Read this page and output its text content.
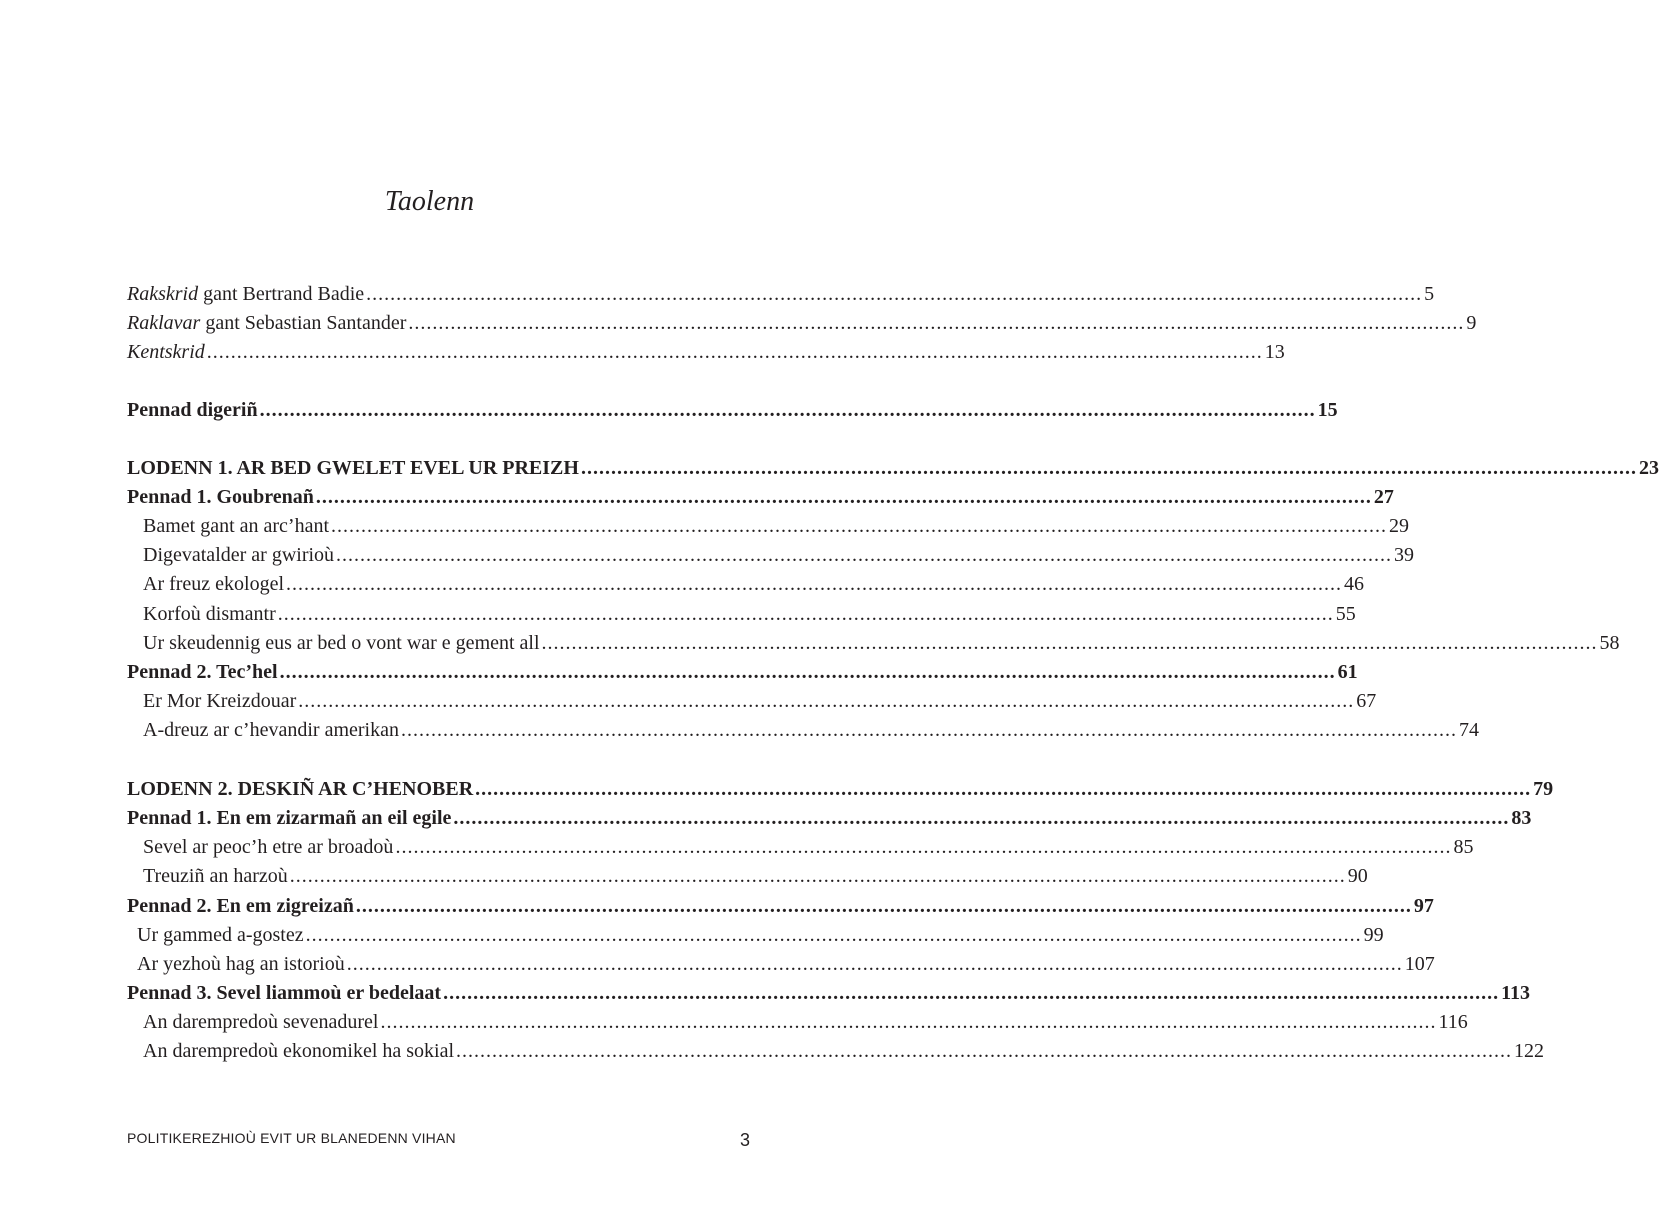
Taolenn
Rakskrid gant Bertrand Badie ................................................................................................................................................................................ 5
Raklavar gant Sebastian Santander ................................................................................................................................................................................ 9
Kentskrid ................................................................................................................................................................................ 13
Pennad digeriñ ................................................................................................................................................................................ 15
LODENN 1. AR BED GWELET EVEL UR PREIZH ................................................................................................................................................................................ 23
Pennad 1. Goubrenañ ................................................................................................................................................................................ 27
Bamet gant an arc’hant ................................................................................................................................................................................ 29
Digevatalder ar gwirioù ................................................................................................................................................................................ 39
Ar freuz ekologel ................................................................................................................................................................................ 46
Korfoù dismantr ................................................................................................................................................................................ 55
Ur skeudennig eus ar bed o vont war e gement all ................................................................................................................................................................................ 58
Pennad 2. Tec’hel ................................................................................................................................................................................ 61
Er Mor Kreizdouar ................................................................................................................................................................................ 67
A-dreuz ar c’hevandir amerikan ................................................................................................................................................................................ 74
LODENN 2. DESKIÑ AR C’HENOBER ................................................................................................................................................................................ 79
Pennad 1. En em zizarmañ an eil egile ................................................................................................................................................................................ 83
Sevel ar peoc’h etre ar broadoù ................................................................................................................................................................................ 85
Treuziñ an harzoù ................................................................................................................................................................................ 90
Pennad 2. En em zigreizañ ................................................................................................................................................................................ 97
Ur gammed a-gostez ................................................................................................................................................................................ 99
Ar yezhoù hag an istorioù ................................................................................................................................................................................ 107
Pennad 3. Sevel liammoù er bedelaat ................................................................................................................................................................................ 113
An darempredoù sevenadurel ................................................................................................................................................................................ 116
An darempredoù ekonomikel ha sokial ................................................................................................................................................................................ 122
POLITIKEREZHIOÙ EVIT UR BLANEDENN VIHAN	3
